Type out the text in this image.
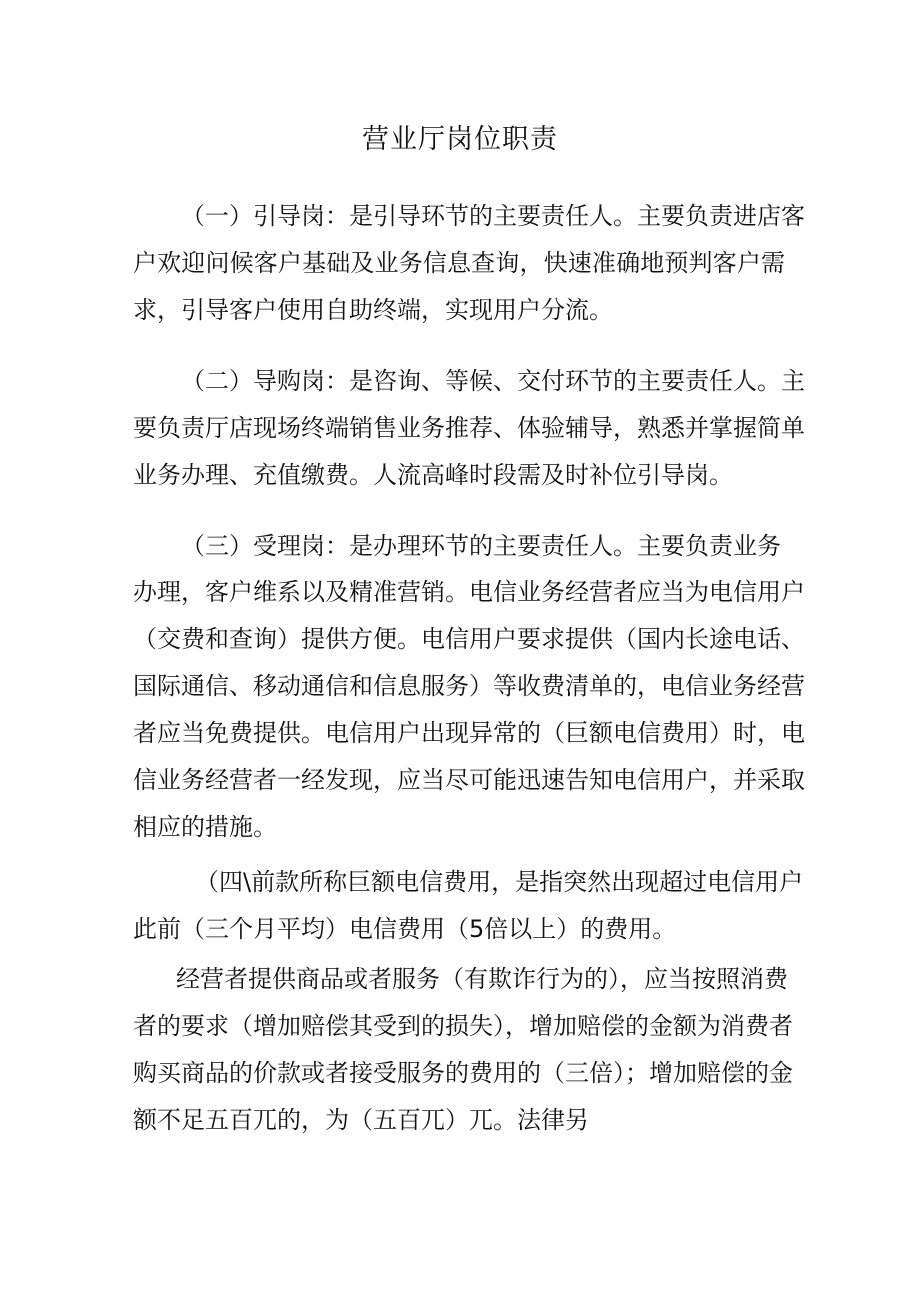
营业厅岗位职责
（一）引导岗：是引导环节的主要责任人。主要负责进店客
户欢迎问候客户基础及业务信息查询，快速准确地预判客户需
求，引导客户使用自助终端，实现用户分流。
（二）导购岗：是咨询、等候、交付环节的主要责任人。主
要负责厅店现场终端销售业务推荐、体验辅导，熟悉并掌握简单
业务办理、充值缴费。人流高峰时段需及时补位引导岗。
（三）受理岗：是办理环节的主要责任人。主要负责业务
办理，客户维系以及精准营销。电信业务经营者应当为电信用户
（交费和查询）提供方便。电信用户要求提供（国内长途电话、
国际通信、移动通信和信息服务）等收费清单的，电信业务经营
者应当免费提供。电信用户出现异常的（巨额电信费用）时，电
信业务经营者一经发现，应当尽可能迅速告知电信用户，并采取
相应的措施。
（四\前款所称巨额电信费用，是指突然出现超过电信用户
此前（三个月平均）电信费用（5倍以上）的费用。
经营者提供商品或者服务（有欺诈行为的），应当按照消费
者的要求（增加赔偿其受到的损失），增加赔偿的金额为消费者
购买商品的价款或者接受服务的费用的（三倍）；增加赔偿的金
额不足五百兀的，为（五百兀）兀。法律另
